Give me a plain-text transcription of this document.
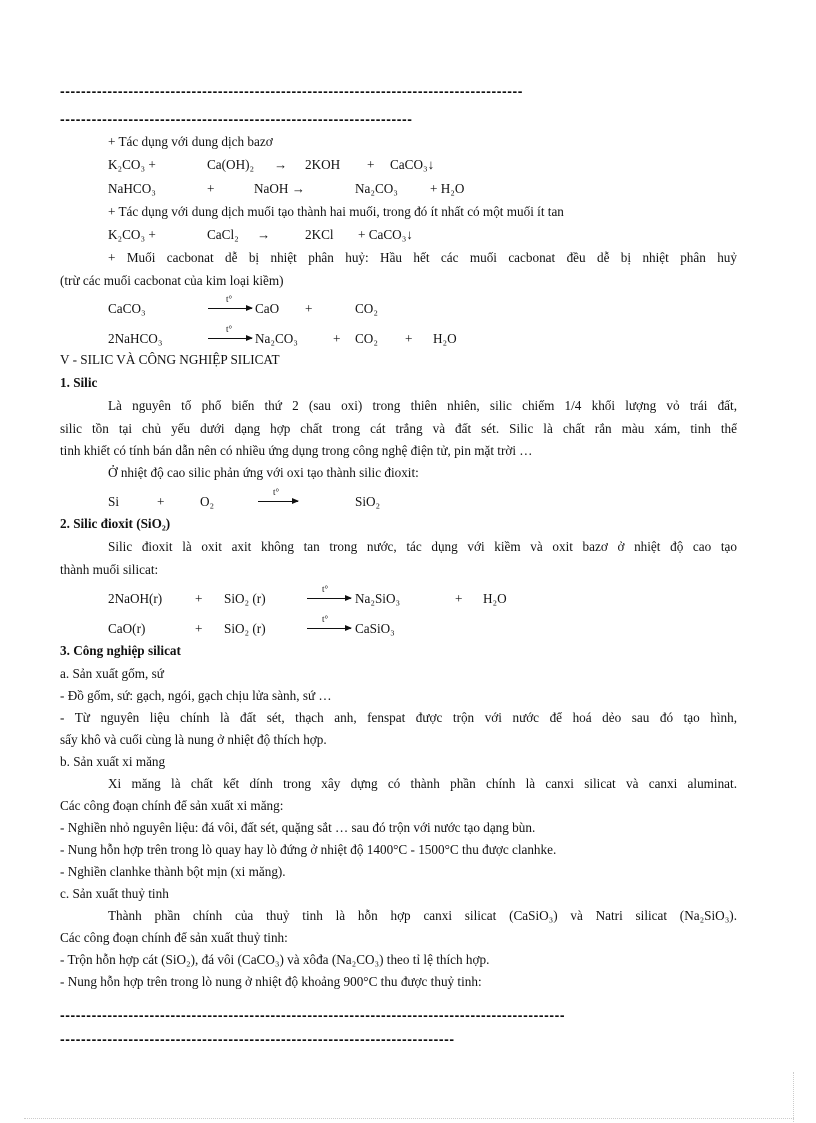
----------------------------------------------------------------------------------------
-------------------------------------------------------------------
+ Tác dụng với dung dịch bazơ
K₂CO₃ +	Ca(OH)₂ → 2KOH + CaCO₃↓
NaHCO₃	+	NaOH →	Na₂CO₃ + H₂O
+ Tác dụng với dung dịch muối tạo thành hai muối, trong đó ít nhất có một muối ít tan
K₂CO₃ +	CaCl₂ →	2KCl + CaCO₃↓
+ Muối cacbonat dễ bị nhiệt phân huỷ: Hầu hết các muối cacbonat đều dễ bị nhiệt phân huỷ
(trừ các muối cacbonat của kim loại kiềm)
CaCO₃
t°
→ CaO +	CO₂
2NaHCO₃
t°
→ Na₂CO₃	+ CO₂ + H₂O
V - SILIC VÀ CÔNG NGHIỆP SILICAT
1. Silic
Là nguyên tố phổ biến thứ 2 (sau oxi) trong thiên nhiên, silic chiếm 1/4 khối lượng vỏ trái đất,
silic tồn tại chủ yếu dưới dạng hợp chất trong cát trắng và đất sét. Silic là chất rắn màu xám, tinh thể
tinh khiết có tính bán dẫn nên có nhiều ứng dụng trong công nghệ điện tử, pin mặt trời …
Ở nhiệt độ cao silic phản ứng với oxi tạo thành silic đioxit:
Si	+	O₂
t°
SiO₂
2. Silic đioxit (SiO₂)
Silic đioxit là oxit axit không tan trong nước, tác dụng với kiềm và oxit bazơ ở nhiệt độ cao tạo
thành muối silicat:
2NaOH(r) + SiO₂ (r)
t°
→ Na₂SiO₃	+ H₂O
CaO(r)	+ SiO₂ (r)
t°
→ CaSiO₃
3. Công nghiệp silicat
a. Sản xuất gốm, sứ
- Đồ gốm, sứ: gạch, ngói, gạch chịu lửa sành, sứ …
- Từ nguyên liệu chính là đất sét, thạch anh, fenspat được trộn với nước để hoá dẻo sau đó tạo hình,
sấy khô và cuối cùng là nung ở nhiệt độ thích hợp.
b. Sản xuất xi măng
Xi măng là chất kết dính trong xây dựng có thành phần chính là canxi silicat và canxi aluminat.
Các công đoạn chính để sản xuất xi măng:
- Nghiền nhỏ nguyên liệu: đá vôi, đất sét, quặng sắt … sau đó trộn với nước tạo dạng bùn.
- Nung hỗn hợp trên trong lò quay hay lò đứng ở nhiệt độ 1400°C - 1500°C thu được clanhke.
- Nghiền clanhke thành bột mịn (xi măng).
c. Sản xuất thuỷ tinh
Thành phần chính của thuỷ tinh là hỗn hợp canxi silicat (CaSiO₃) và Natri silicat (Na₂SiO₃).
Các công đoạn chính để sản xuất thuỷ tinh:
- Trộn hỗn hợp cát (SiO₂), đá vôi (CaCO₃) và xôđa (Na₂CO₃) theo tỉ lệ thích hợp.
- Nung hỗn hợp trên trong lò nung ở nhiệt độ khoảng 900°C thu được thuỷ tinh:
------------------------------------------------------------------------------------------------
---------------------------------------------------------------------------
